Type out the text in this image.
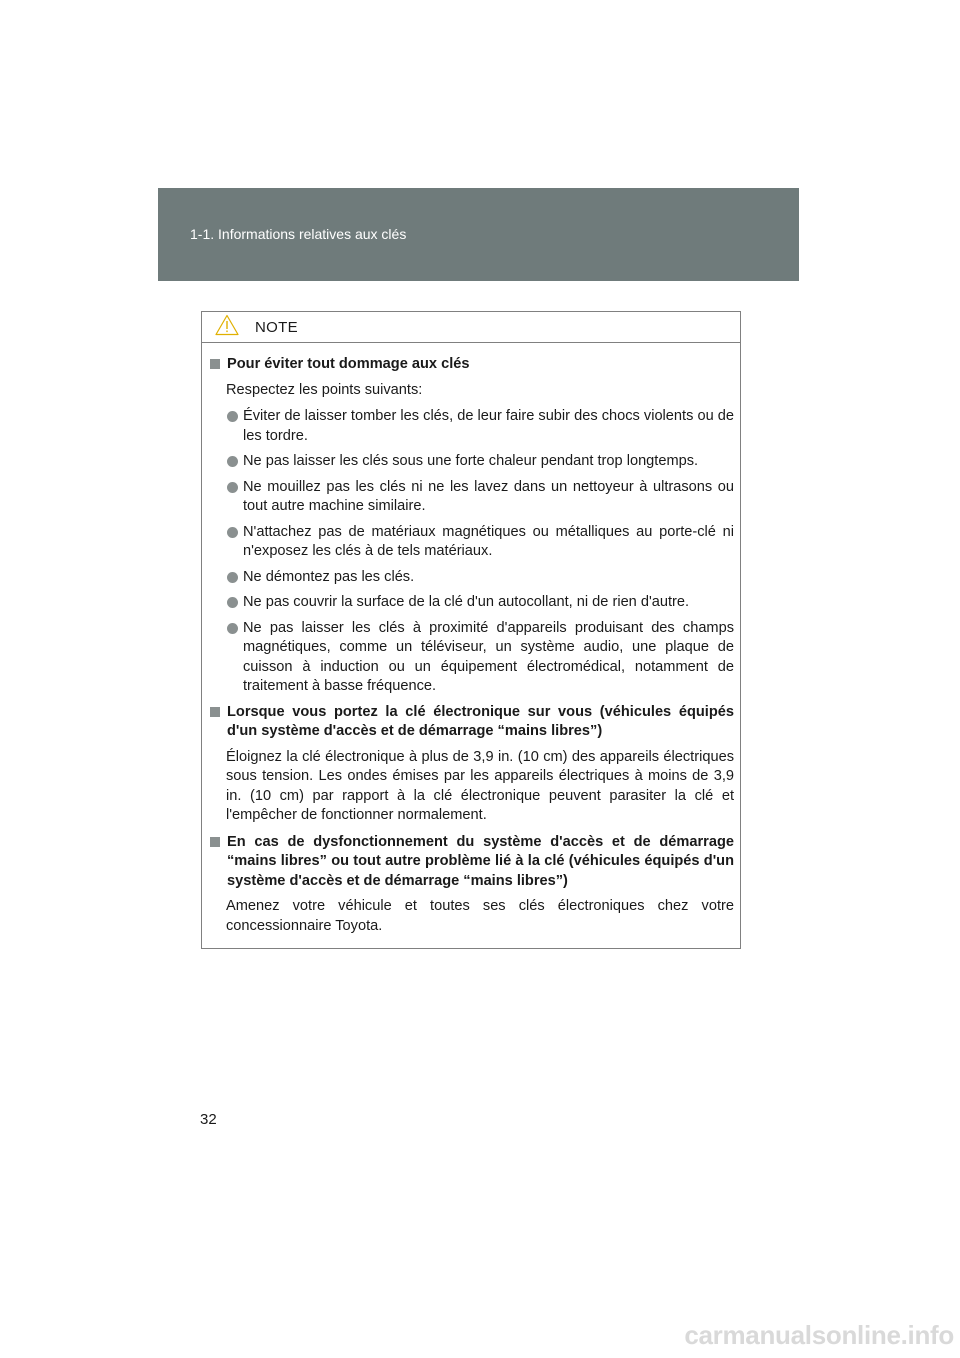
1-1. Informations relatives aux clés
NOTE
Pour éviter tout dommage aux clés
Respectez les points suivants:
Éviter de laisser tomber les clés, de leur faire subir des chocs violents ou de les tordre.
Ne pas laisser les clés sous une forte chaleur pendant trop longtemps.
Ne mouillez pas les clés ni ne les lavez dans un nettoyeur à ultrasons ou tout autre machine similaire.
N'attachez pas de matériaux magnétiques ou métalliques au porte-clé ni n'exposez les clés à de tels matériaux.
Ne démontez pas les clés.
Ne pas couvrir la surface de la clé d'un autocollant, ni de rien d'autre.
Ne pas laisser les clés à proximité d'appareils produisant des champs magnétiques, comme un téléviseur, un système audio, une plaque de cuisson à induction ou un équipement électromédical, notamment de traitement à basse fréquence.
Lorsque vous portez la clé électronique sur vous (véhicules équipés d'un système d'accès et de démarrage “mains libres”)
Éloignez la clé électronique à plus de 3,9 in. (10 cm) des appareils électriques sous tension. Les ondes émises par les appareils électriques à moins de 3,9 in. (10 cm) par rapport à la clé électronique peuvent parasiter la clé et l'empêcher de fonctionner normalement.
En cas de dysfonctionnement du système d'accès et de démarrage “mains libres” ou tout autre problème lié à la clé (véhicules équipés d'un système d'accès et de démarrage “mains libres”)
Amenez votre véhicule et toutes ses clés électroniques chez votre concessionnaire Toyota.
32
carmanualsonline.info
